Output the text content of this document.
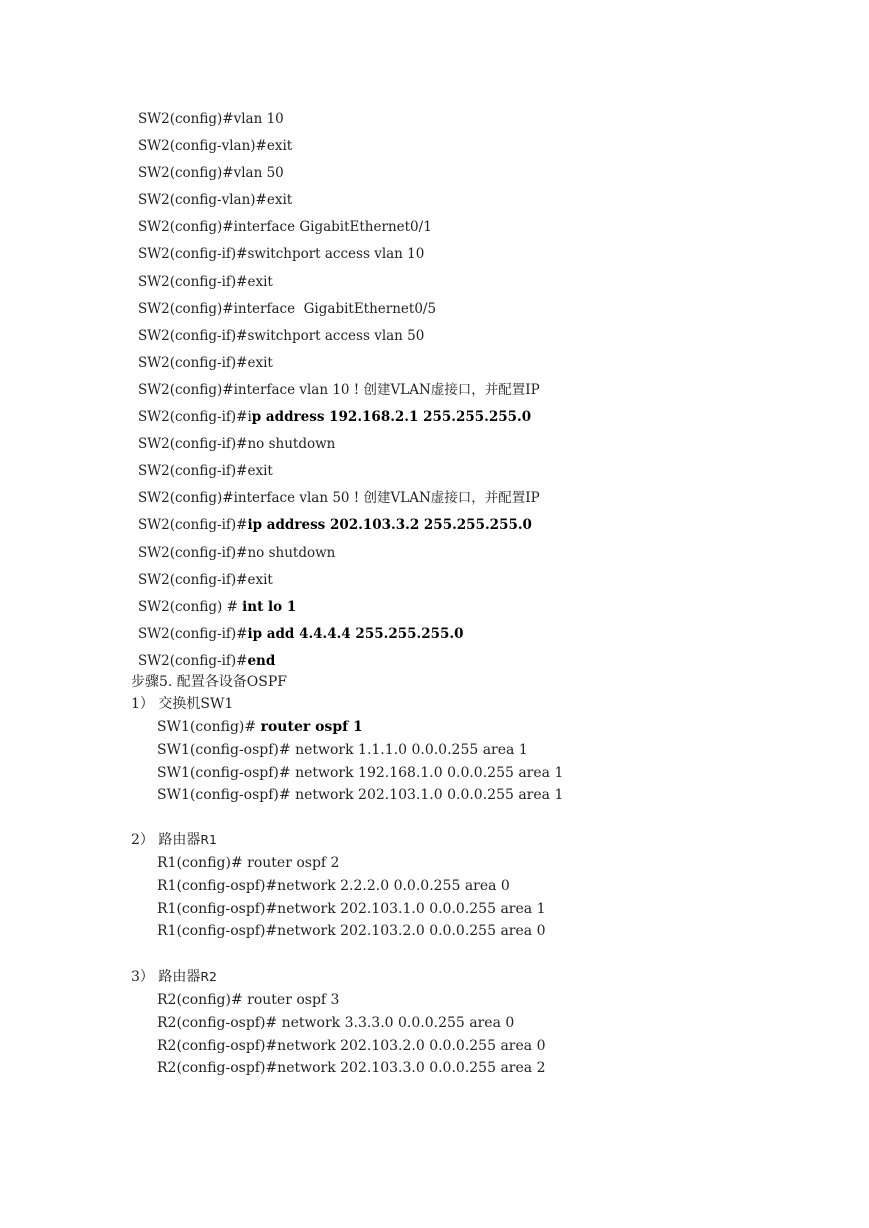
SW2(config)#vlan 10
SW2(config-vlan)#exit
SW2(config)#vlan 50
SW2(config-vlan)#exit
SW2(config)#interface GigabitEthernet0/1
SW2(config-if)#switchport access vlan 10
SW2(config-if)#exit
SW2(config)#interface  GigabitEthernet0/5
SW2(config-if)#switchport access vlan 50
SW2(config-if)#exit
SW2(config)#interface vlan 10 ! 创建VLAN虚接口，并配置IP
SW2(config-if)#ip address 192.168.2.1 255.255.255.0
SW2(config-if)#no shutdown
SW2(config-if)#exit
SW2(config)#interface vlan 50 ! 创建VLAN虚接口，并配置IP
SW2(config-if)#ip address 202.103.3.2 255.255.255.0
SW2(config-if)#no shutdown
SW2(config-if)#exit
SW2(config) # int lo 1
SW2(config-if)#ip add 4.4.4.4 255.255.255.0
SW2(config-if)#end
步骤5. 配置各设备OSPF
1） 交换机SW1
SW1(config)# router ospf 1
SW1(config-ospf)# network 1.1.1.0 0.0.0.255 area 1
SW1(config-ospf)# network 192.168.1.0 0.0.0.255 area 1
SW1(config-ospf)# network 202.103.1.0 0.0.0.255 area 1
2） 路由器R1
R1(config)# router ospf 2
R1(config-ospf)#network 2.2.2.0 0.0.0.255 area 0
R1(config-ospf)#network 202.103.1.0 0.0.0.255 area 1
R1(config-ospf)#network 202.103.2.0 0.0.0.255 area 0
3） 路由器R2
R2(config)# router ospf 3
R2(config-ospf)# network 3.3.3.0 0.0.0.255 area 0
R2(config-ospf)#network 202.103.2.0 0.0.0.255 area 0
R2(config-ospf)#network 202.103.3.0 0.0.0.255 area 2
